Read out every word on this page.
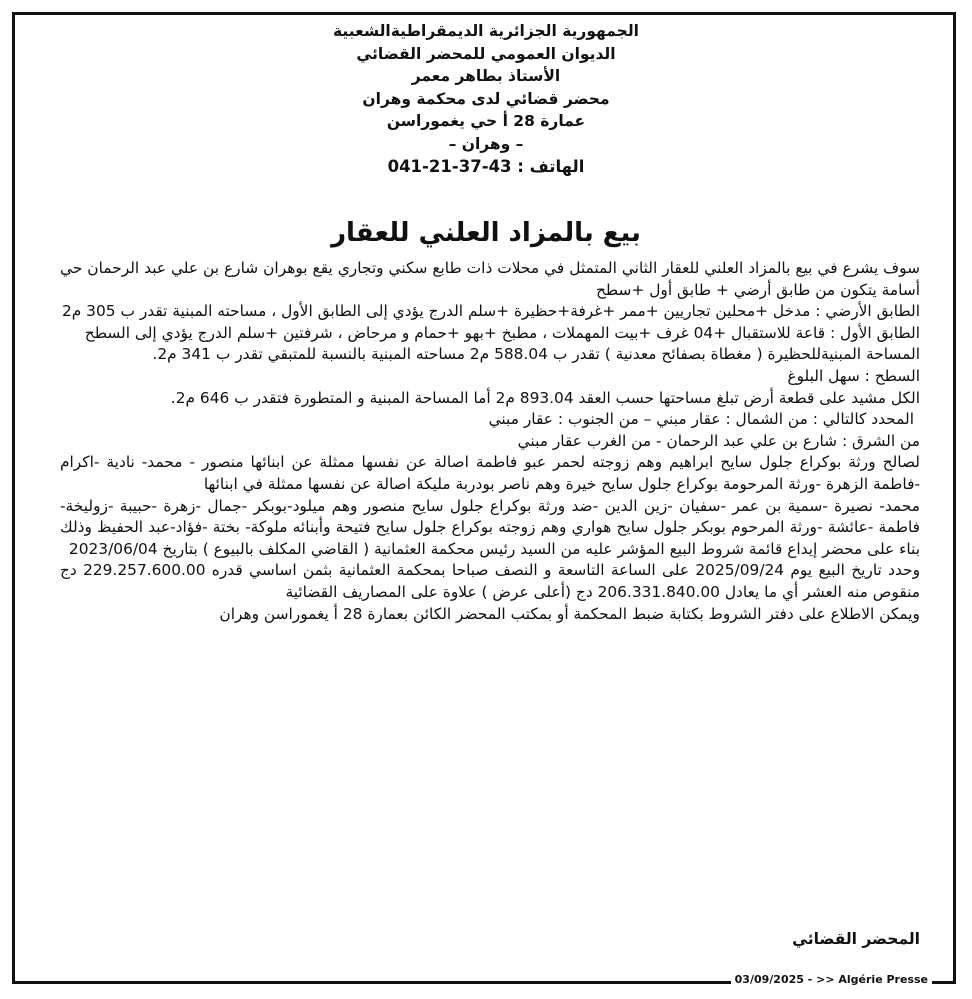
الجمهورية الجزائرية الديمقراطيةالشعبية

الديوان العمومي للمحضر القضائي

الأستاذ بطاهر معمر

محضر قضائي لدى محكمة وهران

عمارة 28 أ حي يغموراسن

– وهران –

الهاتف : 43-37-21-041

بيع بالمزاد العلني للعقار

سوف يشرع في بيع بالمزاد العلني للعقار الثاني المتمثل في محلات ذات طابع سكني وتجاري يقع بوهران شارع بن علي عبد الرحمان حي أسامة يتكون من طابق أرضي + طابق أول +سطح

الطابق الأرضي : مدخل +محلين تجاريين +ممر +غرفة+حظيرة +سلم الدرج يؤدي إلى الطابق الأول ، مساحته المبنية تقدر ب 305 م2

الطابق الأول : قاعة للاستقبال +04 غرف +بيت المهملات ، مطبخ +بهو +حمام و مرحاض ، شرفتين +سلم الدرج يؤدي إلى السطح

المساحة المبنيةللحظيرة ( مغطاة بصفائح معدنية ) تقدر ب 588.04 م2 مساحته المبنية بالنسبة للمتبقي تقدر ب 341 م2.

السطح : سهل البلوغ

الكل مشيد على قطعة أرض تبلغ مساحتها حسب العقد 893.04 م2 أما المساحة المبنية و المتطورة فتقدر ب 646 م2.

المحدد كالتالي : من الشمال : عقار مبني – من الجنوب : عقار مبني

من الشرق : شارع بن علي عبد الرحمان - من الغرب عقار مبني

لصالح ورثة بوكراع جلول سايح ابراهيم وهم زوجته لحمر عبو فاطمة اصالة عن نفسها ممثلة عن ابنائها منصور - محمد- نادية -اكرام -فاطمة الزهرة -ورثة المرحومة بوكراع جلول سايح خيرة وهم ناصر بودربة مليكة اصالة عن نفسها ممثلة في ابنائها

محمد- نصيرة -سمية بن عمر -سفيان -زين الدين -ضد ورثة بوكراع جلول سايح منصور وهم ميلود-بوبكر -جمال -زهرة -حبيبة -زوليخة-فاطمة -عائشة -ورثة المرحوم بوبكر جلول سايح هواري وهم زوجته بوكراع جلول سايح فتيحة وأبنائه ملوكة- بختة -فؤاد-عبد الحفيظ وذلك بناء على محضر إيداع قائمة شروط البيع المؤشر عليه من السيد رئيس محكمة العثمانية ( القاضي المكلف بالبيوع ) بتاريخ 2023/06/04

وحدد تاريخ البيع يوم 2025/09/24 على الساعة التاسعة و النصف صباحا بمحكمة العثمانية بثمن اساسي قدره 229.257.600.00 دج منقوص منه العشر أي ما يعادل 206.331.840.00 دج (أعلى عرض ) علاوة على المصاريف القضائية

ويمكن الاطلاع على دفتر الشروط بكتابة ضبط المحكمة أو بمكتب المحضر الكائن بعمارة 28 أ يغموراسن وهران

المحضر القضائي
03/09/2025 - >> Algérie Presse
